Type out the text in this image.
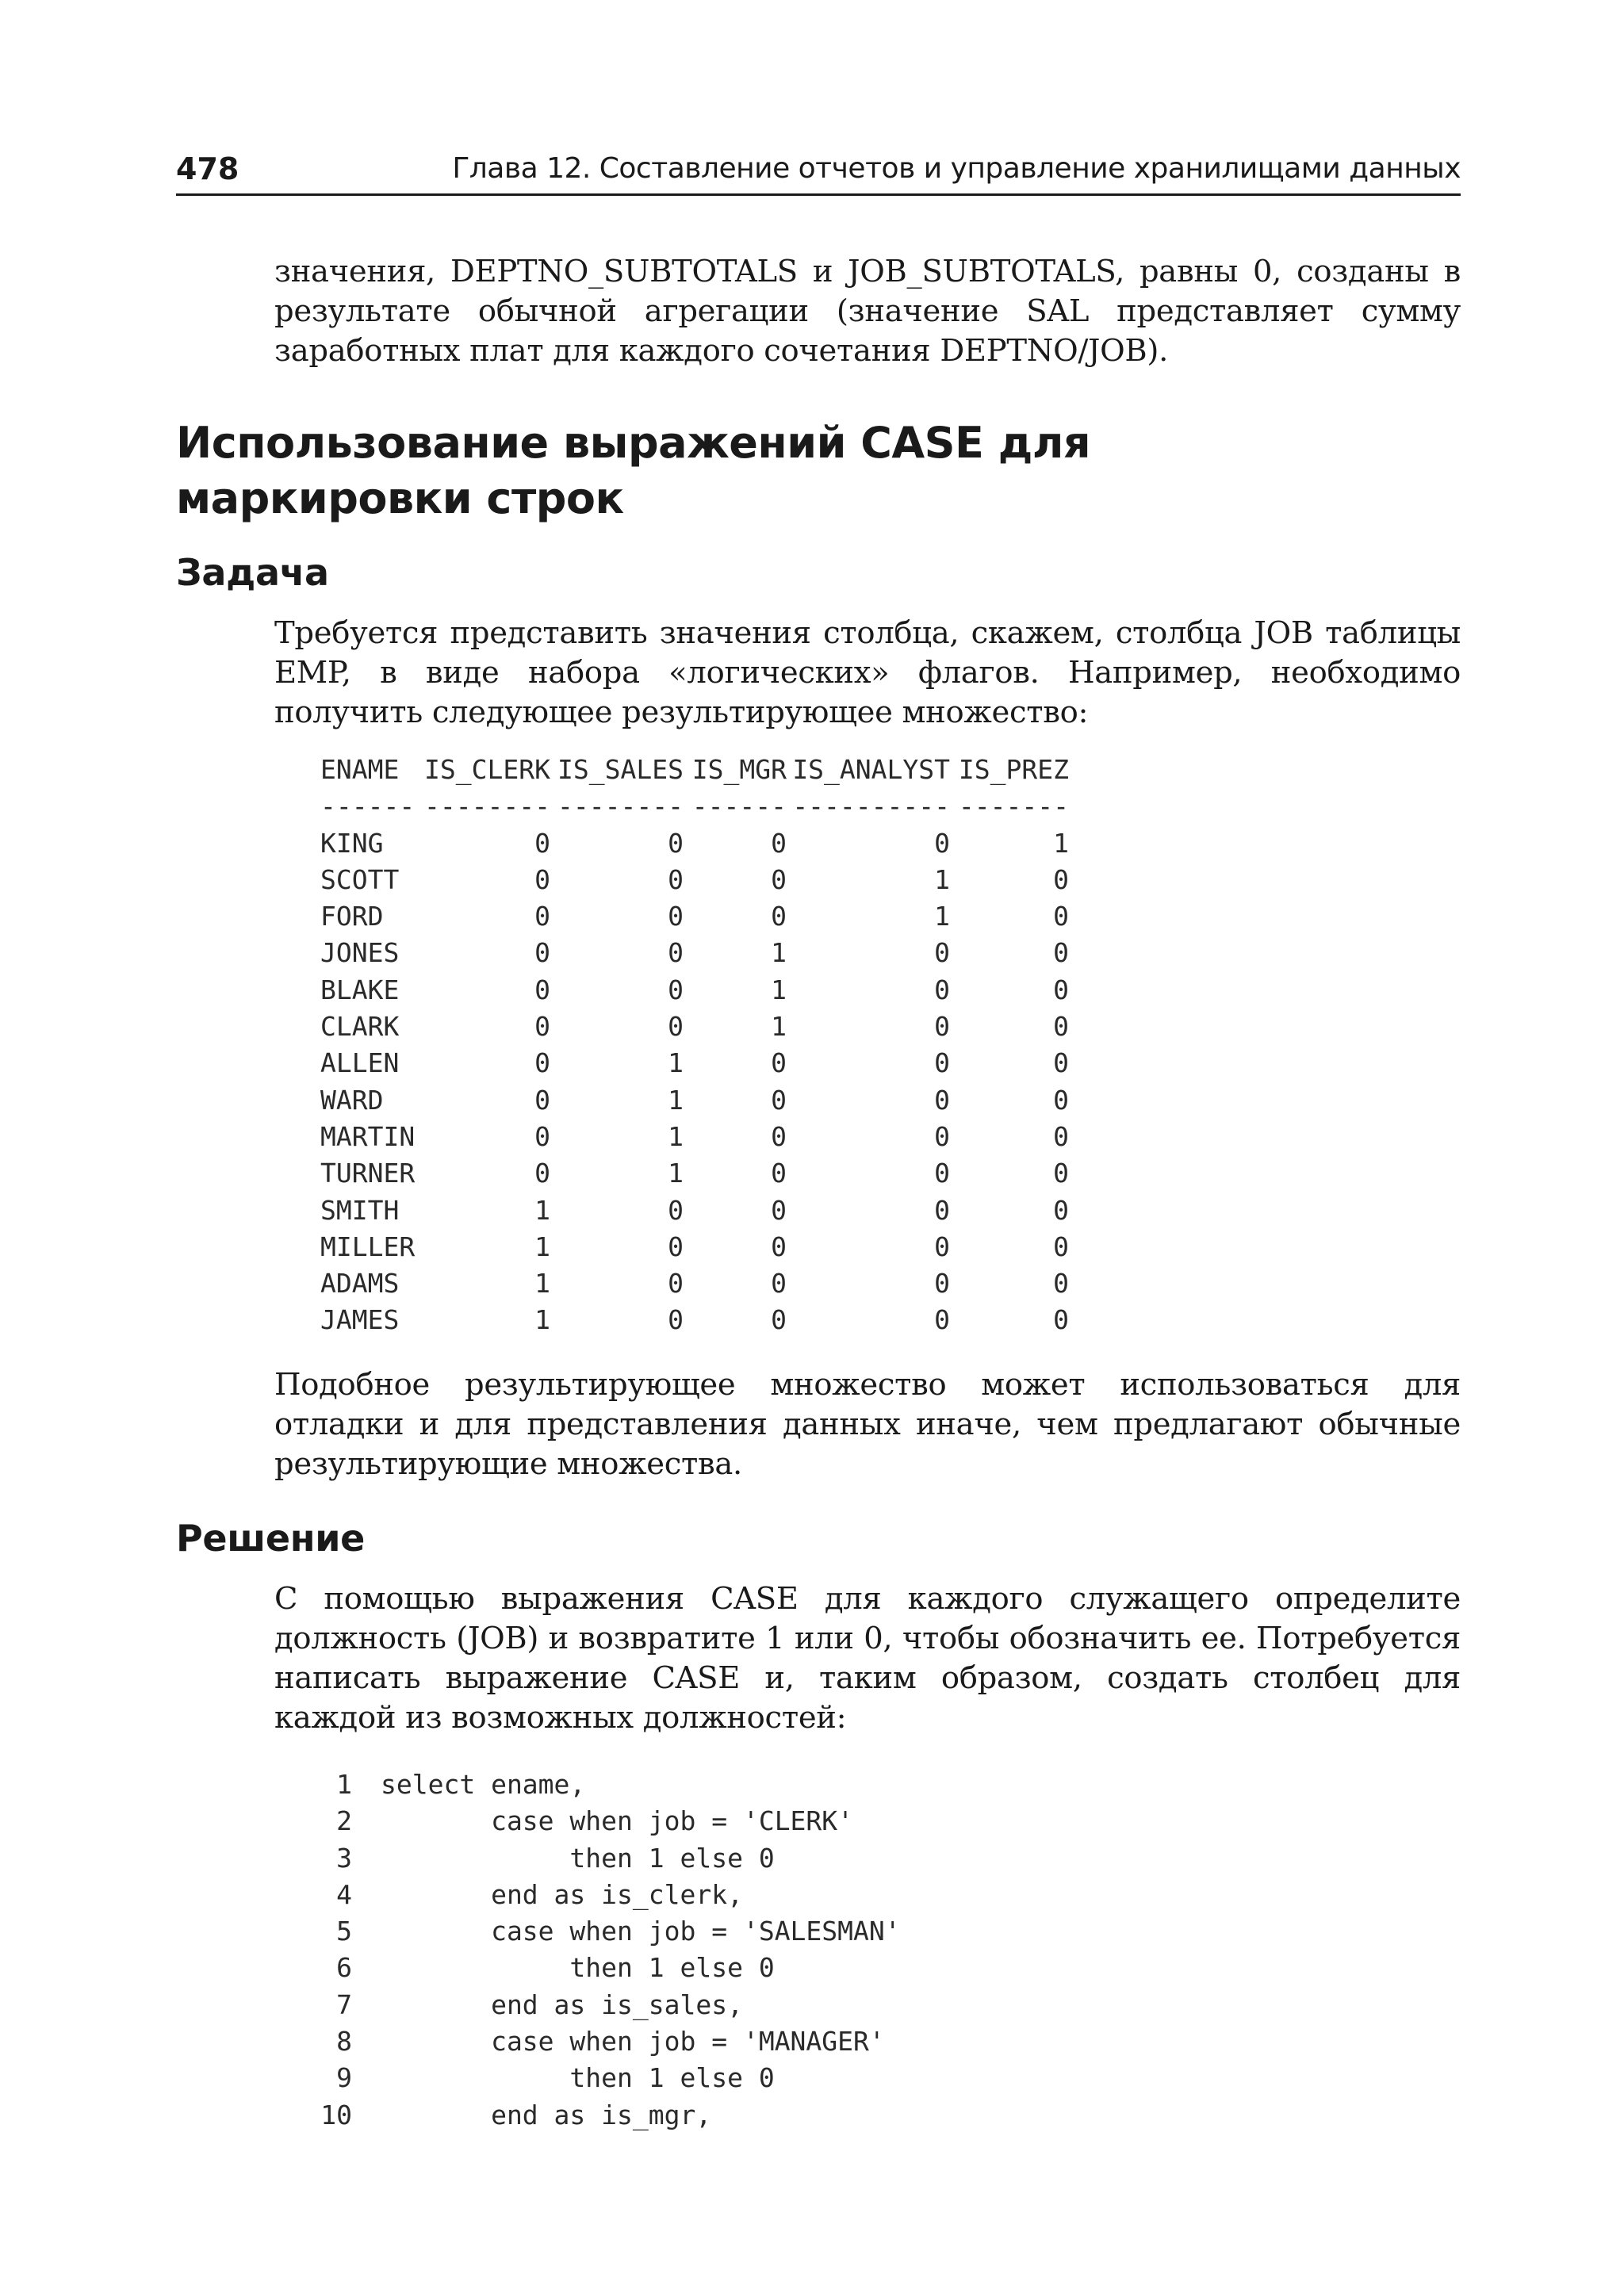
478	Глава 12. Составление отчетов и управление хранилищами данных

значения, DEPTNO_SUBTOTALS и JOB_SUBTOTALS, равны 0, созданы в результате обычной агрегации (значение SAL представляет сумму заработных плат для каждого сочетания DEPTNO/JOB).

Использование выражений CASE для маркировки строк
Задача

Требуется представить значения столбца, скажем, столбца JOB таблицы EMP, в виде набора «логических» флагов. Например, необходимо получить следующее результирующее множество:

ENAME	IS_CLERK	IS_SALES	IS_MGR	IS_ANALYST	IS_PREZ
------	--------	--------	------	----------	-------
KING	0	0	0	0	1
SCOTT	0	0	0	1	0
FORD	0	0	0	1	0
JONES	0	0	1	0	0
BLAKE	0	0	1	0	0
CLARK	0	0	1	0	0
ALLEN	0	1	0	0	0
WARD	0	1	0	0	0
MARTIN	0	1	0	0	0
TURNER	0	1	0	0	0
SMITH	1	0	0	0	0
MILLER	1	0	0	0	0
ADAMS	1	0	0	0	0
JAMES	1	0	0	0	0

Подобное результирующее множество может использоваться для отладки и для представления данных иначе, чем предлагают обычные результирующие множества.

Решение

С помощью выражения CASE для каждого служащего определите должность (JOB) и возвратите 1 или 0, чтобы обозначить ее. Потребуется написать выражение CASE и, таким образом, создать столбец для каждой из возможных должностей:

1 select ename,
2 case when job = 'CLERK'
3 then 1 else 0
4 end as is_clerk,
5 case when job = 'SALESMAN'
6 then 1 else 0
7 end as is_sales,
8 case when job = 'MANAGER'
9 then 1 else 0
10 end as is_mgr,
